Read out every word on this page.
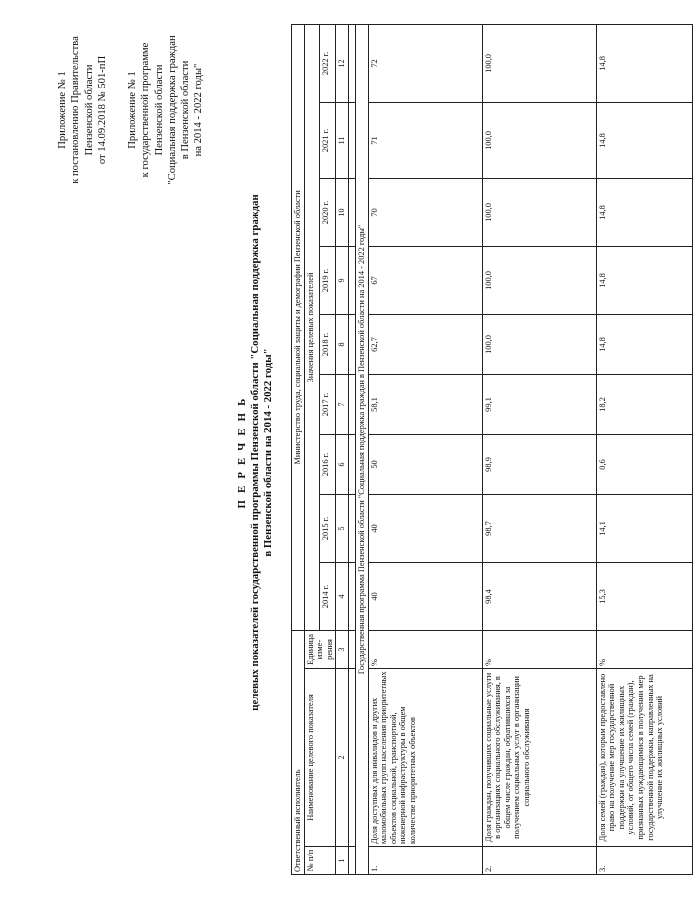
Приложение № 1 к постановлению Правительства Пензенской области от 14.09.2018 № 501-пП Приложение № 1 к государственной программе Пензенской области "Социальная поддержка граждан в Пензенской области на 2014 - 2022 годы"
П Е Р Е Ч Е Н Ь целевых показателей государственной программы Пензенской области "Социальная поддержка граждан в Пензенской области на 2014 - 2022 годы"
Ответственный исполнитель			Министерство труда, социальной защиты и демографии Пензенской области								
№ п/п	Наименование целевого показателя	Единица изме- рения	Значения целевых показателей								
			2014 г.	2015 г.	2016 г.	2017 г.	2018 г.	2019 г.	2020 г.	2021 г.	2022 г.
1	2	3	4	5	6	7	8	9	10	11	12

Государственная программа Пензенской области "Социальная поддержка граждан в Пензенской области на 2014 - 2022 годы"											
1.	Доля доступных для инвалидов и других маломобильных групп населения приоритетных объектов социальной, транспортной, инженерной инфраструктуры в общем количестве приоритетных объектов	%	40	40	50	58,1	62,7	67	70	71	72
2.	Доля граждан, получивших социальные услуги в организациях социального обслуживания, в общем числе граждан, обратившихся за получением социальных услуг в организации социального обслуживания	%	98,4	98,7	98,9	99,1	100,0	100,0	100,0	100,0	100,0
3.	Доля семей (граждан), которым предоставлено право на получение мер государственной поддержки на улучшение их жилищных условий, от общего числа семей (граждан), признанных нуждающимися в получении мер государственной поддержки, направленных на улучшение их жилищных условий	%	15,3	14,1	0,6	18,2	14,8	14,8	14,8	14,8	14,8
